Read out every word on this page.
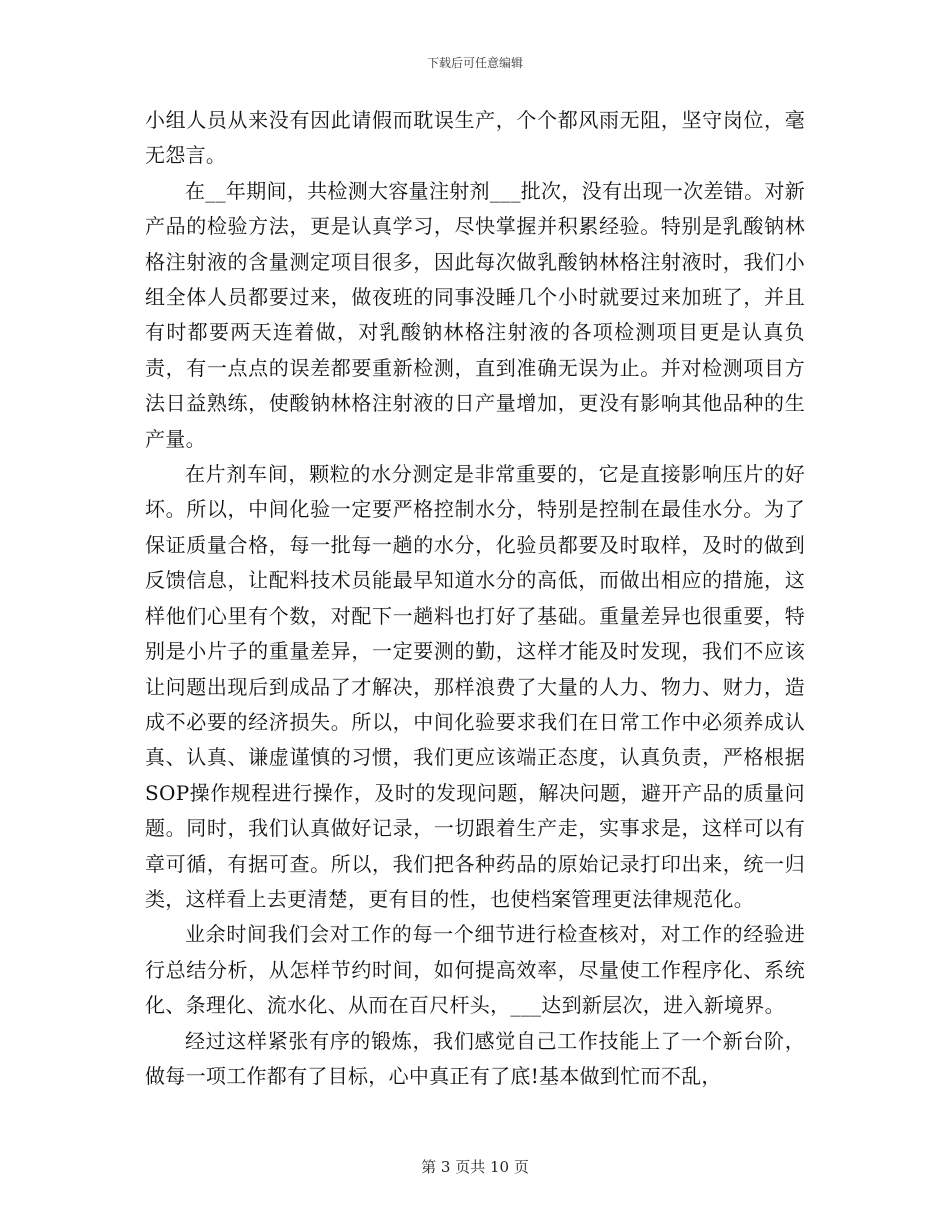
下载后可任意编辑

小组人员从来没有因此请假而耽误生产，个个都风雨无阻，坚守岗位，毫无怨言。

在__年期间，共检测大容量注射剂___批次，没有出现一次差错。对新产品的检验方法，更是认真学习，尽快掌握并积累经验。特别是乳酸钠林格注射液的含量测定项目很多，因此每次做乳酸钠林格注射液时，我们小组全体人员都要过来，做夜班的同事没睡几个小时就要过来加班了，并且有时都要两天连着做，对乳酸钠林格注射液的各项检测项目更是认真负责，有一点点的误差都要重新检测，直到准确无误为止。并对检测项目方法日益熟练，使酸钠林格注射液的日产量增加，更没有影响其他品种的生产量。

在片剂车间，颗粒的水分测定是非常重要的，它是直接影响压片的好坏。所以，中间化验一定要严格控制水分，特别是控制在最佳水分。为了保证质量合格，每一批每一趟的水分，化验员都要及时取样，及时的做到反馈信息，让配料技术员能最早知道水分的高低，而做出相应的措施，这样他们心里有个数，对配下一趟料也打好了基础。重量差异也很重要，特别是小片子的重量差异，一定要测的勤，这样才能及时发现，我们不应该让问题出现后到成品了才解决，那样浪费了大量的人力、物力、财力，造成不必要的经济损失。所以，中间化验要求我们在日常工作中必须养成认真、认真、谦虚谨慎的习惯，我们更应该端正态度，认真负责，严格根据SOP操作规程进行操作，及时的发现问题，解决问题，避开产品的质量问题。同时，我们认真做好记录，一切跟着生产走，实事求是，这样可以有章可循，有据可查。所以，我们把各种药品的原始记录打印出来，统一归类，这样看上去更清楚，更有目的性，也使档案管理更法律规范化。

业余时间我们会对工作的每一个细节进行检查核对，对工作的经验进行总结分析，从怎样节约时间，如何提高效率，尽量使工作程序化、系统化、条理化、流水化、从而在百尺杆头，___达到新层次，进入新境界。

经过这样紧张有序的锻炼，我们感觉自己工作技能上了一个新台阶，做每一项工作都有了目标，心中真正有了底!基本做到忙而不乱，

第 3 页共 10 页
